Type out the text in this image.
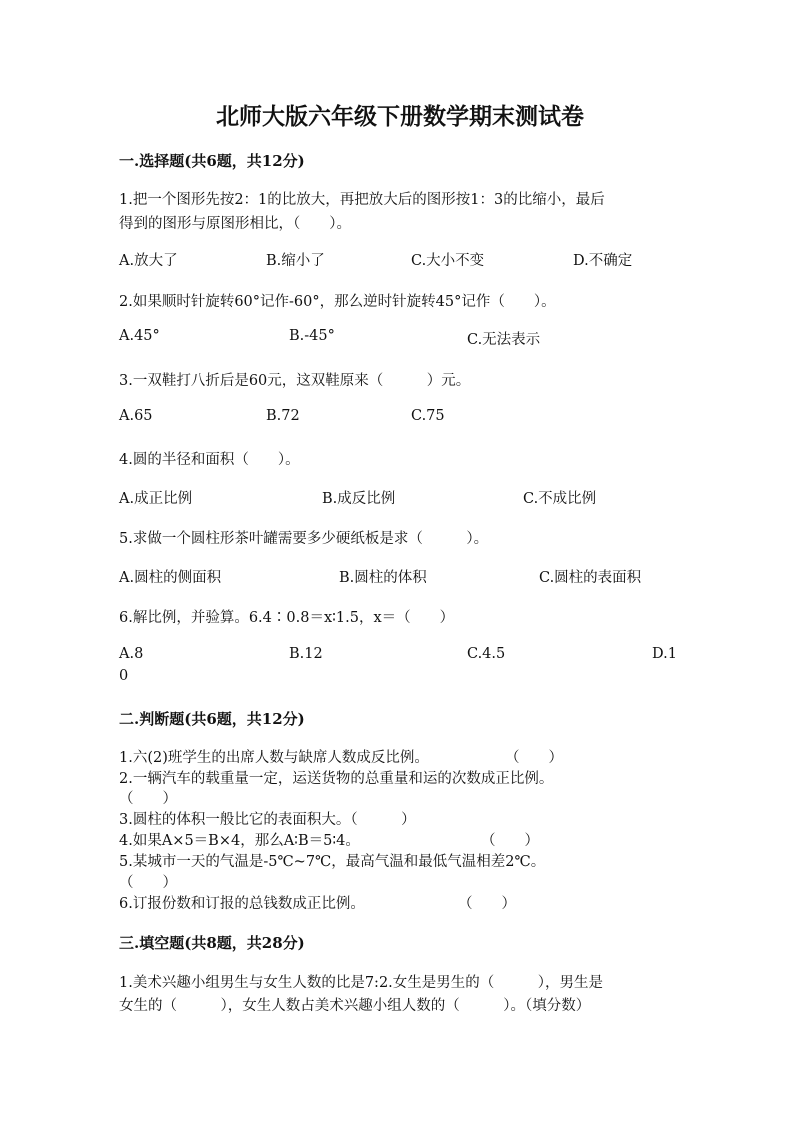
北师大版六年级下册数学期末测试卷
一.选择题(共6题，共12分)
1.把一个图形先按2：1的比放大，再把放大后的图形按1：3的比缩小，最后
得到的图形与原图形相比，（　　）。
A.放大了	B.缩小了	C.大小不变	D.不确定
2.如果顺时针旋转60°记作-60°，那么逆时针旋转45°记作（　　）。
A.45°	B.-45°	C.无法表示
3.一双鞋打八折后是60元，这双鞋原来（　　　）元。
A.65	B.72	C.75
4.圆的半径和面积（　　）。
A.成正比例	B.成反比例	C.不成比例
5.求做一个圆柱形茶叶罐需要多少硬纸板是求（　　　）。
A.圆柱的侧面积	B.圆柱的体积	C.圆柱的表面积
6.解比例，并验算。6.4∶0.8＝x∶1.5，x＝（　　）
A.8	B.12	C.4.5	D.1
0
二.判断题(共6题，共12分)
1.六(2)班学生的出席人数与缺席人数成反比例。	（　　）
2.一辆汽车的载重量一定，运送货物的总重量和运的次数成正比例。
（　　）
3.圆柱的体积一般比它的表面积大。（　　　）
4.如果A×5＝B×4，那么A∶B＝5∶4。	（　　）
5.某城市一天的气温是-5℃~7℃，最高气温和最低气温相差2℃。
（　　）
6.订报份数和订报的总钱数成正比例。	（　　）
三.填空题(共8题，共28分)
1.美术兴趣小组男生与女生人数的比是7:2.女生是男生的（　　　），男生是
女生的（　　　），女生人数占美术兴趣小组人数的（　　　）。（填分数）
